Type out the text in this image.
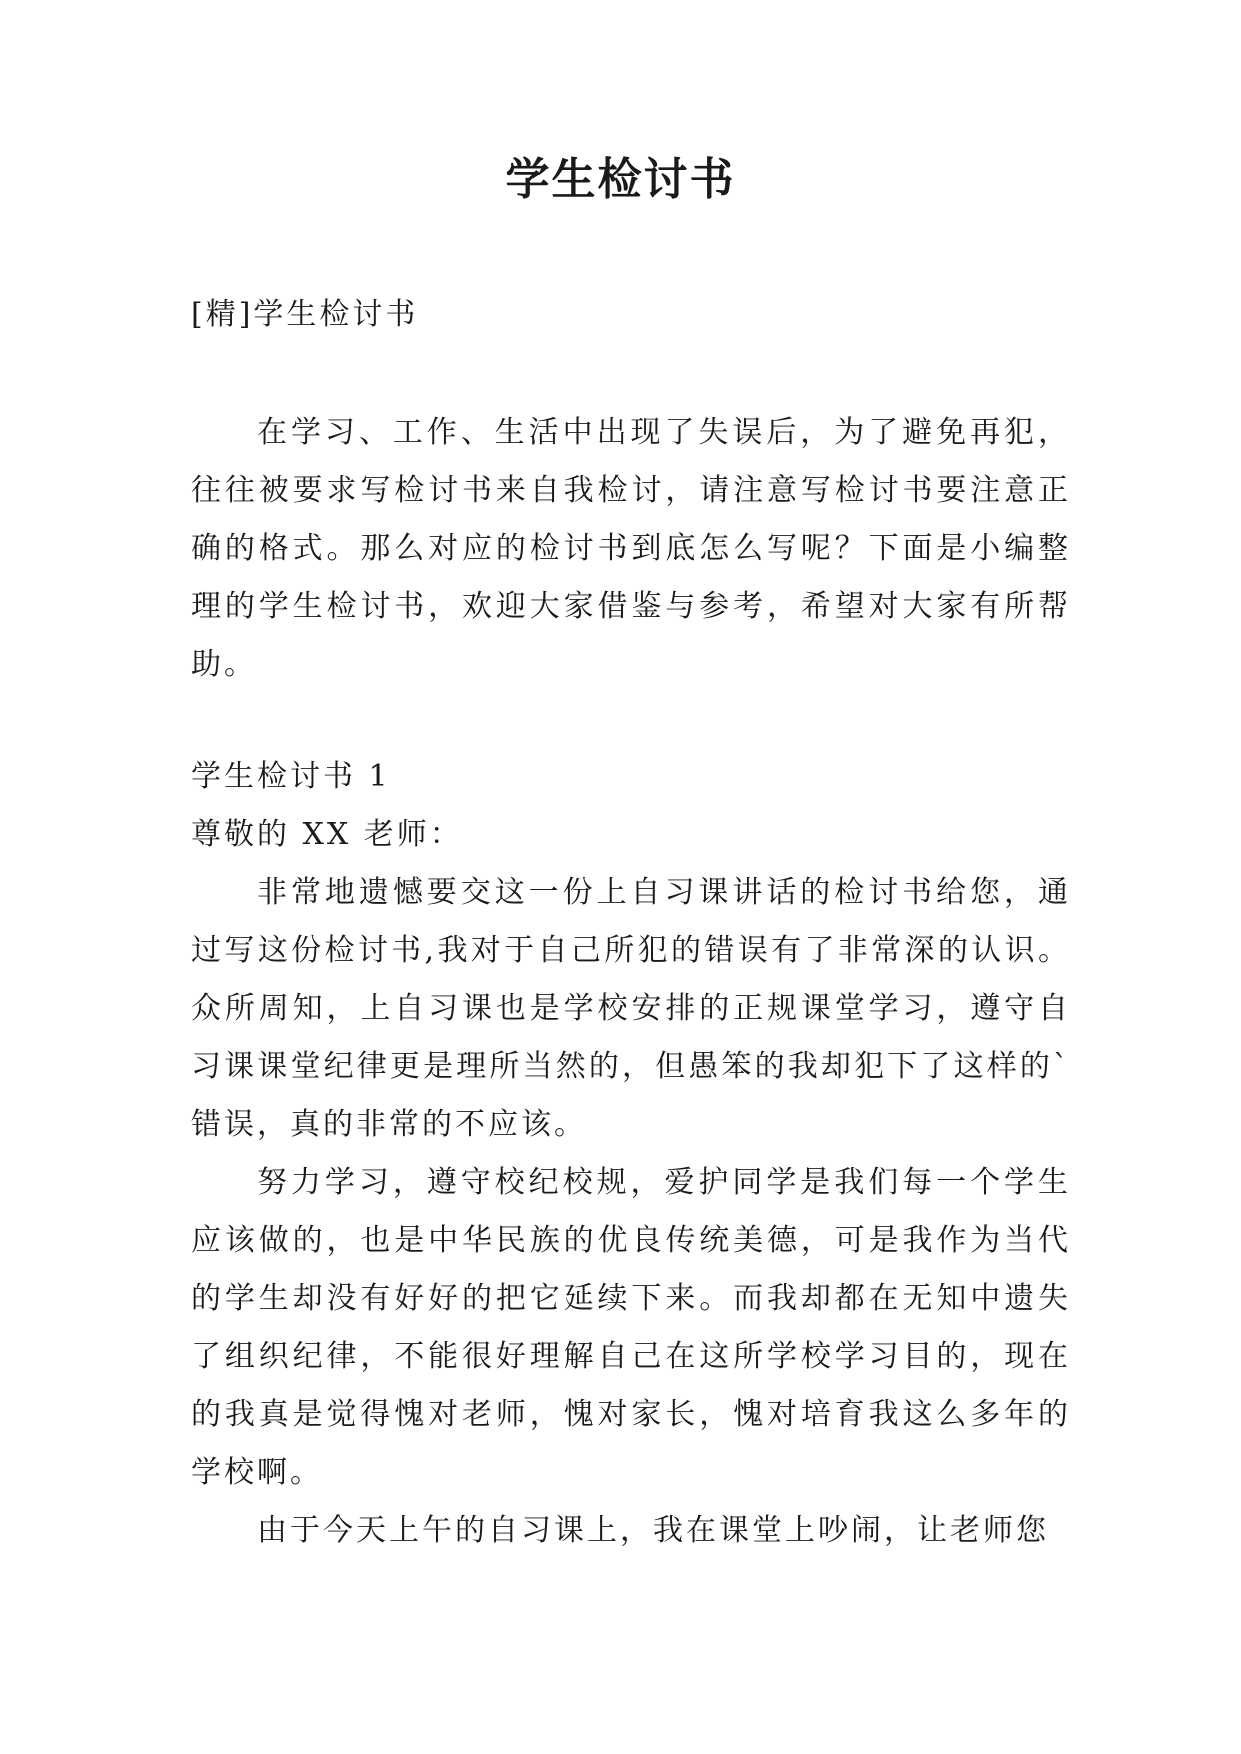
学生检讨书
[精]学生检讨书

在学习、工作、生活中出现了失误后，为了避免再犯，往往被要求写检讨书来自我检讨，请注意写检讨书要注意正确的格式。那么对应的检讨书到底怎么写呢？下面是小编整理的学生检讨书，欢迎大家借鉴与参考，希望对大家有所帮助。

学生检讨书 1

尊敬的 XX 老师：

非常地遗憾要交这一份上自习课讲话的检讨书给您，通过写这份检讨书,我对于自己所犯的错误有了非常深的认识。众所周知，上自习课也是学校安排的正规课堂学习，遵守自习课课堂纪律更是理所当然的，但愚笨的我却犯下了这样的`错误，真的非常的不应该。

努力学习，遵守校纪校规，爱护同学是我们每一个学生应该做的，也是中华民族的优良传统美德，可是我作为当代的学生却没有好好的把它延续下来。而我却都在无知中遗失了组织纪律，不能很好理解自己在这所学校学习目的，现在的我真是觉得愧对老师，愧对家长，愧对培育我这么多年的学校啊。

由于今天上午的自习课上，我在课堂上吵闹，让老师您
